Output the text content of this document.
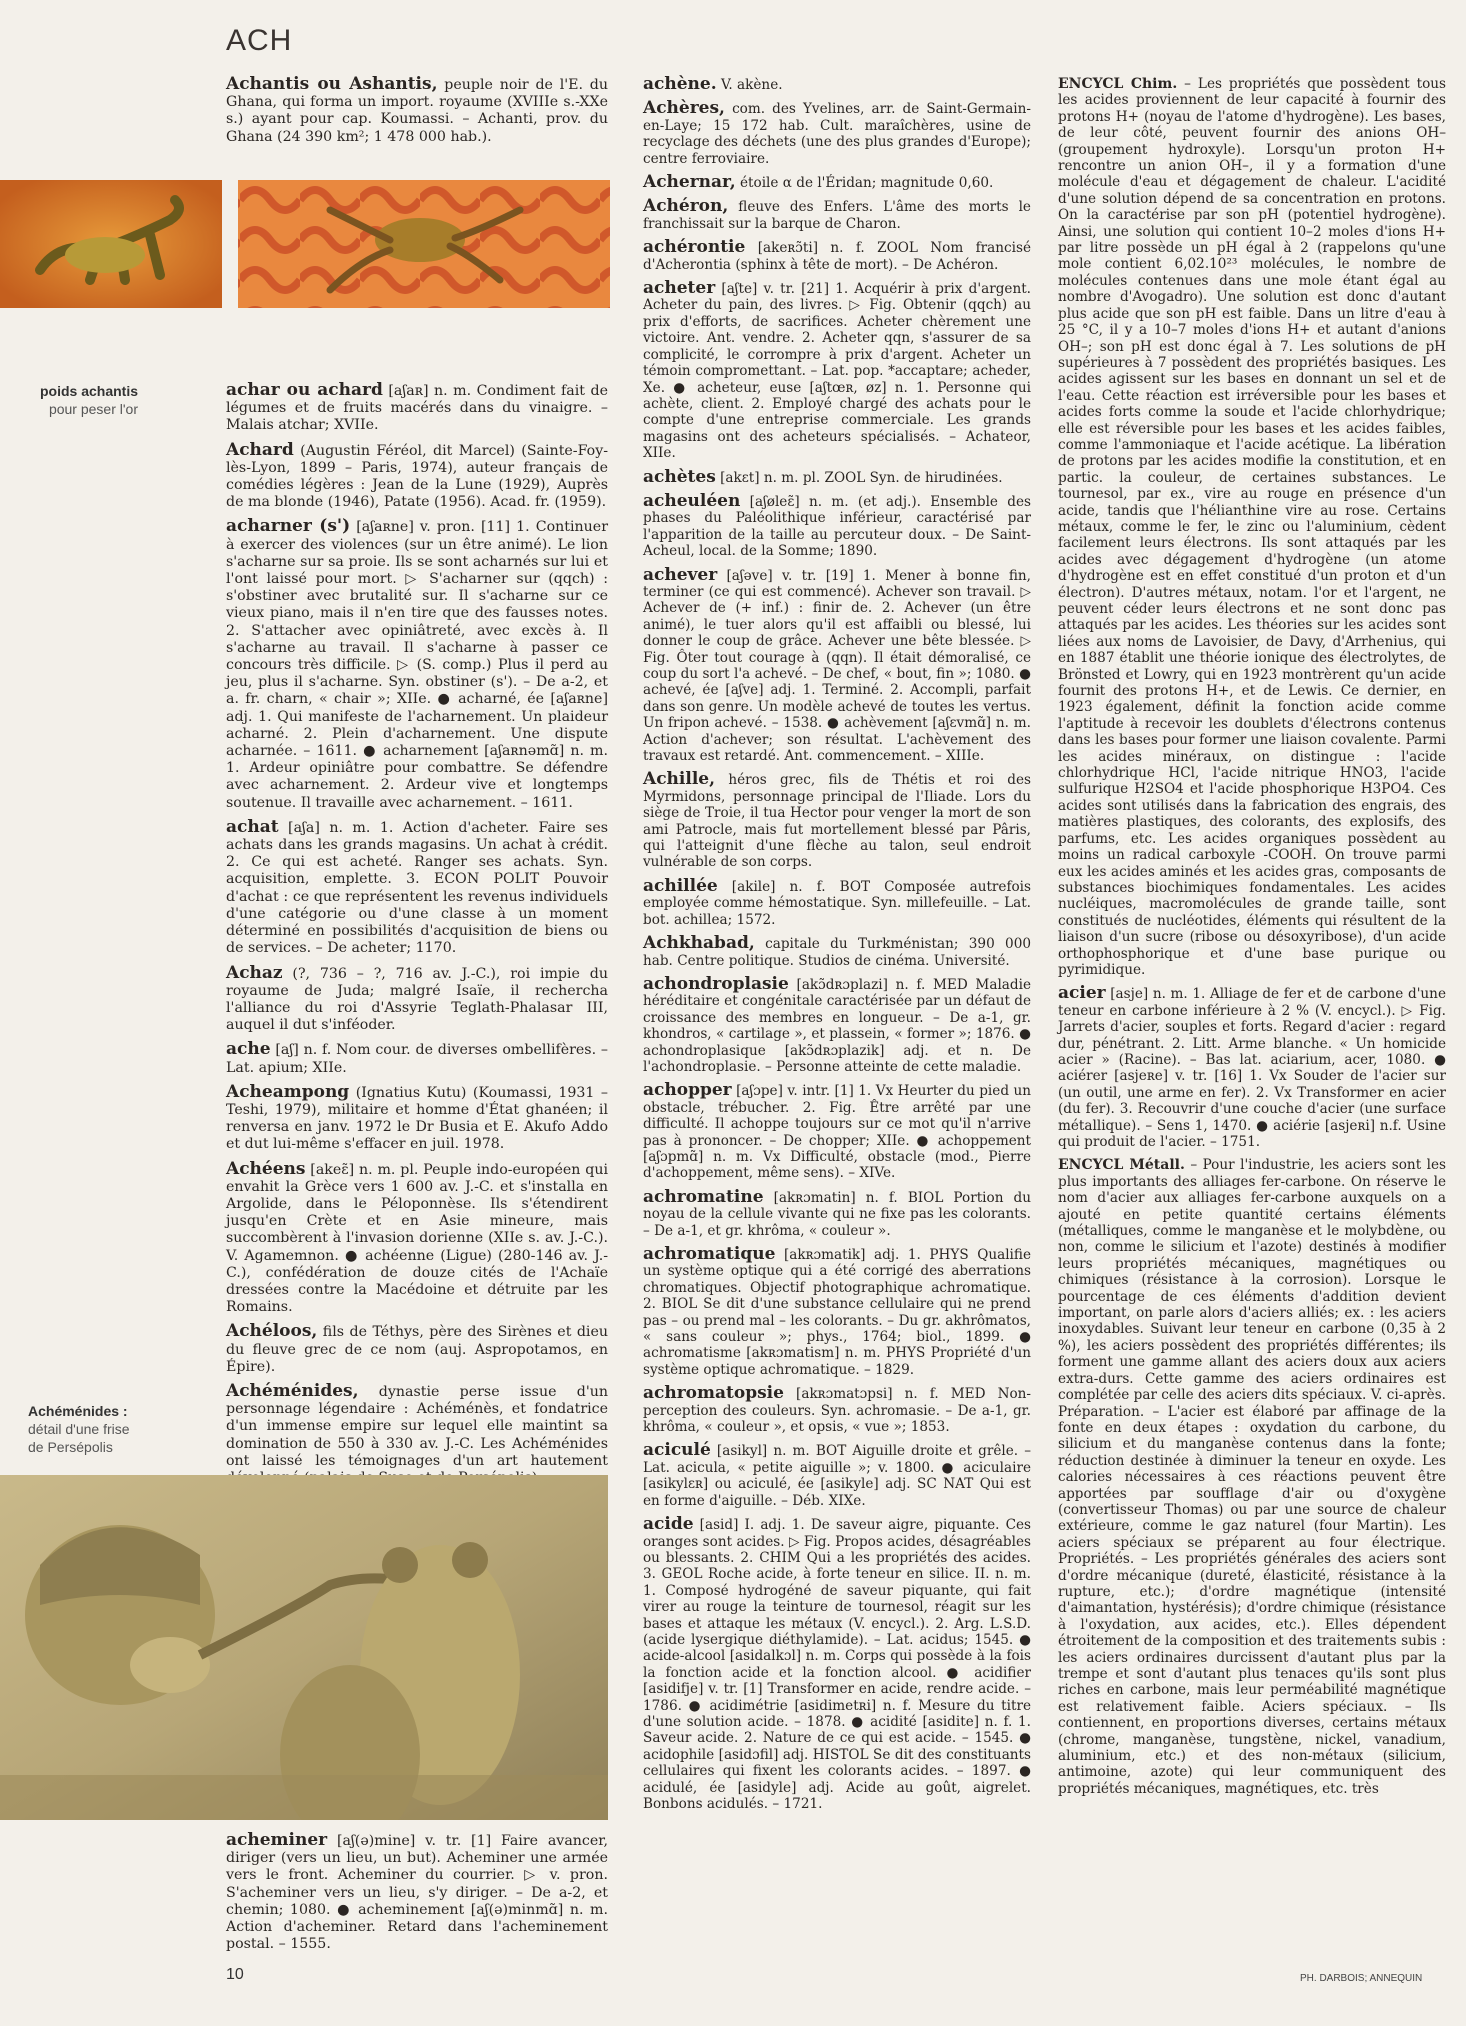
ACH
Achantis ou Ashantis, peuple noir de l'E. du Ghana, qui forma un import. royaume (XVIIIe s.-XXe s.) ayant pour cap. Koumassi. – Achanti, prov. du Ghana (24 390 km²; 1 478 000 hab.).
poids achantis
pour peser l'or
achar ou achard [aʃaʀ] n. m. Condiment fait de légumes et de fruits macérés dans du vinaigre. – Malais atchar; XVIIe.
Achard (Augustin Féréol, dit Marcel) (Sainte-Foy-lès-Lyon, 1899 – Paris, 1974), auteur français de comédies légères : Jean de la Lune (1929), Auprès de ma blonde (1946), Patate (1956). Acad. fr. (1959).
acharner (s') [aʃaʀne] v. pron. [11] 1. Continuer à exercer des violences (sur un être animé). Le lion s'acharne sur sa proie. Ils se sont acharnés sur lui et l'ont laissé pour mort. ▷ S'acharner sur (qqch) : s'obstiner avec brutalité sur. Il s'acharne sur ce vieux piano, mais il n'en tire que des fausses notes. 2. S'attacher avec opiniâtreté, avec excès à. Il s'acharne au travail. Il s'acharne à passer ce concours très difficile. ▷ (S. comp.) Plus il perd au jeu, plus il s'acharne. Syn. obstiner (s'). – De a-2, et a. fr. charn, « chair »; XIIe. ● acharné, ée [aʃaʀne] adj. 1. Qui manifeste de l'acharnement. Un plaideur acharné. 2. Plein d'acharnement. Une dispute acharnée. – 1611. ● acharnement [aʃaʀnəmɑ̃] n. m. 1. Ardeur opiniâtre pour combattre. Se défendre avec acharnement. 2. Ardeur vive et longtemps soutenue. Il travaille avec acharnement. – 1611.
achat [aʃa] n. m. 1. Action d'acheter. Faire ses achats dans les grands magasins. Un achat à crédit. 2. Ce qui est acheté. Ranger ses achats. Syn. acquisition, emplette. 3. ECON POLIT Pouvoir d'achat : ce que représentent les revenus individuels d'une catégorie ou d'une classe à un moment déterminé en possibilités d'acquisition de biens ou de services. – De acheter; 1170.
Achaz (?, 736 – ?, 716 av. J.-C.), roi impie du royaume de Juda; malgré Isaïe, il rechercha l'alliance du roi d'Assyrie Teglath-Phalasar III, auquel il dut s'inféoder.
ache [aʃ] n. f. Nom cour. de diverses ombellifères. – Lat. apium; XIIe.
Acheampong (Ignatius Kutu) (Koumassi, 1931 – Teshi, 1979), militaire et homme d'État ghanéen; il renversa en janv. 1972 le Dr Busia et E. Akufo Addo et dut lui-même s'effacer en juil. 1978.
Achéens [akeɛ̃] n. m. pl. Peuple indo-européen qui envahit la Grèce vers 1 600 av. J.-C. et s'installa en Argolide, dans le Péloponnèse. Ils s'étendirent jusqu'en Crète et en Asie mineure, mais succombèrent à l'invasion dorienne (XIIe s. av. J.-C.). V. Agamemnon. ● achéenne (Ligue) (280-146 av. J.-C.), confédération de douze cités de l'Achaïe dressées contre la Macédoine et détruite par les Romains.
Achéloos, fils de Téthys, père des Sirènes et dieu du fleuve grec de ce nom (auj. Aspropotamos, en Épire).
Achéménides, dynastie perse issue d'un personnage légendaire : Achéménès, et fondatrice d'un immense empire sur lequel elle maintint sa domination de 550 à 330 av. J.-C. Les Achéménides ont laissé les témoignages d'un art hautement
Achéménides :
détail d'une frise de Persépolis
acheminer [aʃ(ə)mine] v. tr. [1] Faire avancer, diriger (vers un lieu, un but). Acheminer une armée vers le front. Acheminer du courrier. ▷ v. pron. S'acheminer vers un lieu, s'y diriger. – De a-2, et chemin; 1080. ● acheminement [aʃ(ə)minmɑ̃] n. m. Action d'acheminer. Retard dans l'acheminement postal. – 1555.
achène. V. akène.
Achères, com. des Yvelines, arr. de Saint-Germain-en-Laye; 15 172 hab. Cult. maraîchères, usine de recyclage des déchets (une des plus grandes d'Europe); centre ferroviaire.
Achernar, étoile α de l'Éridan; magnitude 0,60.
Achéron, fleuve des Enfers. L'âme des morts le franchissait sur la barque de Charon.
achérontie [akeʀɔ̃ti] n. f. ZOOL Nom francisé d'Acherontia (sphinx à tête de mort). – De Achéron.
acheter [aʃte] v. tr. [21] 1. Acquérir à prix d'argent. Acheter du pain, des livres. ▷ Fig. Obtenir (qqch) au prix d'efforts, de sacrifices. Acheter chèrement une victoire. Ant. vendre. 2. Acheter qqn, s'assurer de sa complicité, le corrompre à prix d'argent. Acheter un témoin compromettant. – Lat. pop. *accaptare; acheder, Xe. ● acheteur, euse [aʃtœʀ, øz] n. 1. Personne qui achète, client. 2. Employé chargé des achats pour le compte d'une entreprise commerciale. Les grands magasins ont des acheteurs spécialisés. – Achateor, XIIe.
achètes [akɛt] n. m. pl. ZOOL Syn. de hirudinées.
acheuléen [aʃøleɛ̃] n. m. (et adj.). Ensemble des phases du Paléolithique inférieur, caractérisé par l'apparition de la taille au percuteur doux. – De Saint-Acheul, local. de la Somme; 1890.
achever [aʃəve] v. tr. [19] 1. Mener à bonne fin, terminer (ce qui est commencé). Achever son travail. ▷ Achever de (+ inf.) : finir de. 2. Achever (un être animé), le tuer alors qu'il est affaibli ou blessé, lui donner le coup de grâce. Achever une bête blessée. ▷ Fig. Ôter tout courage à (qqn). Il était démoralisé, ce coup du sort l'a achevé. – De chef, « bout, fin »; 1080. ● achevé, ée [aʃve] adj. 1. Terminé. 2. Accompli, parfait dans son genre. Un modèle achevé de toutes les vertus. Un fripon achevé. – 1538. ● achèvement [aʃɛvmɑ̃] n. m. Action d'achever; son résultat. L'achèvement des travaux est retardé. Ant. commencement. – XIIIe.
Achille, héros grec, fils de Thétis et roi des Myrmidons, personnage principal de l'Iliade. Lors du siège de Troie, il tua Hector pour venger la mort de son ami Patrocle, mais fut mortellement blessé par Pâris, qui l'atteignit d'une flèche au talon, seul endroit vulnérable de son corps.
achillée [akile] n. f. BOT Composée autrefois employée comme hémostatique. Syn. millefeuille. – Lat. bot. achillea; 1572.
Achkhabad, capitale du Turkménistan; 390 000 hab. Centre politique. Studios de cinéma. Université.
achondroplasie [akɔ̃dʀɔplazi] n. f. MED Maladie héréditaire et congénitale caractérisée par un défaut de croissance des membres en longueur. – De a-1, gr. khondros, « cartilage », et plassein, « former »; 1876. ● achondroplasique [akɔ̃dʀɔplazik] adj. et n. De l'achondroplasie. – Personne atteinte de cette maladie.
achopper [aʃɔpe] v. intr. [1] 1. Vx Heurter du pied un obstacle, trébucher. 2. Fig. Être arrêté par une difficulté. Il achoppe toujours sur ce mot qu'il n'arrive pas à prononcer. – De chopper; XIIe. ● achoppement [aʃɔpmɑ̃] n. m. Vx Difficulté, obstacle (mod., Pierre d'achoppement, même sens). – XIVe.
achromatine [akʀɔmatin] n. f. BIOL Portion du noyau de la cellule vivante qui ne fixe pas les colorants. – De a-1, et gr. khrôma, « couleur ».
achromatique [akʀɔmatik] adj. 1. PHYS Qualifie un système optique qui a été corrigé des aberrations chromatiques. Objectif photographique achromatique. 2. BIOL Se dit d'une substance cellulaire qui ne prend pas – ou prend mal – les colorants. – Du gr. akhrômatos, « sans couleur »; phys., 1764; biol., 1899. ● achromatisme [akʀɔmatism] n. m. PHYS Propriété d'un système optique achromatique. – 1829.
achromatopsie [akʀɔmatɔpsi] n. f. MED Non-perception des couleurs. Syn. achromasie. – De a-1, gr. khrôma, « couleur », et opsis, « vue »; 1853.
aciculé [asikyl] n. m. BOT Aiguille droite et grêle. – Lat. acicula, « petite aiguille »; v. 1800. ● aciculaire [asikylɛʀ] ou aciculé, ée [asikyle] adj. SC NAT Qui est en forme d'aiguille. – Déb. XIXe.
acide [asid] I. adj. 1. De saveur aigre, piquante. Ces oranges sont acides. ▷ Fig. Propos acides, désagréables ou blessants. 2. CHIM Qui a les propriétés des acides. 3. GEOL Roche acide, à forte teneur en silice. II. n. m. 1. Composé hydrogéné de saveur piquante, qui fait virer au rouge la teinture de tournesol, réagit sur les bases et attaque les métaux (V. encycl.). 2. Arg. L.S.D. (acide lysergique diéthylamide). – Lat. acidus; 1545. ● acide-alcool [asidalkɔl] n. m. Corps qui possède à la fois la fonction acide et la fonction alcool. ● acidifier [asidifje] v. tr. [1] Transformer en acide, rendre acide. – 1786. ● acidimétrie [asidimetʀi] n. f. Mesure du titre d'une solution acide. – 1878. ● acidité [asidite] n. f. 1. Saveur acide. 2. Nature de ce qui est acide. – 1545. ● acidophile [asidɔfil] adj. HISTOL Se dit des constituants cellulaires qui fixent les colorants acides. – 1897. ● acidulé, ée [asidyle] adj. Acide au goût, aigrelet. Bonbons acidulés. – 1721.
ENCYCL Chim. – Les propriétés que possèdent tous les acides proviennent de leur capacité à fournir des protons H+ (noyau de l'atome d'hydrogène). Les bases, de leur côté, peuvent fournir des anions OH– (groupement hydroxyle). Lorsqu'un proton H+ rencontre un anion OH–, il y a formation d'une molécule d'eau et dégagement de chaleur. L'acidité d'une solution dépend de sa concentration en protons. On la caractérise par son pH (potentiel hydrogène). Ainsi, une solution qui contient 10–2 moles d'ions H+ par litre possède un pH égal à 2 (rappelons qu'une mole contient 6,02.10²³ molécules, le nombre de molécules contenues dans une mole étant égal au nombre d'Avogadro). Une solution est donc d'autant plus acide que son pH est faible. Dans un litre d'eau à 25 °C, il y a 10–7 moles d'ions H+ et autant d'anions OH–; son pH est donc égal à 7. Les solutions de pH supérieures à 7 possèdent des propriétés basiques. Les acides agissent sur les bases en donnant un sel et de l'eau. Cette réaction est irréversible pour les bases et acides forts comme la soude et l'acide chlorhydrique; elle est réversible pour les bases et les acides faibles, comme l'ammoniaque et l'acide acétique. La libération de protons par les acides modifie la constitution, et en partic. la couleur, de certaines substances. Le tournesol, par ex., vire au rouge en présence d'un acide, tandis que l'hélianthine vire au rose. Certains métaux, comme le fer, le zinc ou l'aluminium, cèdent facilement leurs électrons. Ils sont attaqués par les acides avec dégagement d'hydrogène (un atome d'hydrogène est en effet constitué d'un proton et d'un électron). D'autres métaux, notam. l'or et l'argent, ne peuvent céder leurs électrons et ne sont donc pas attaqués par les acides. Les théories sur les acides sont liées aux noms de Lavoisier, de Davy, d'Arrhenius, qui en 1887 établit une théorie ionique des électrolytes, de Brönsted et Lowry, qui en 1923 montrèrent qu'un acide fournit des protons H+, et de Lewis. Ce dernier, en 1923 également, définit la fonction acide comme l'aptitude à recevoir les doublets d'électrons contenus dans les bases pour former une liaison covalente. Parmi les acides minéraux, on distingue : l'acide chlorhydrique HCl, l'acide nitrique HNO3, l'acide sulfurique H2SO4 et l'acide phosphorique H3PO4. Ces acides sont utilisés dans la fabrication des engrais, des matières plastiques, des colorants, des explosifs, des parfums, etc. Les acides organiques possèdent au moins un radical carboxyle -COOH. On trouve parmi eux les acides aminés et les acides gras, composants de substances biochimiques fondamentales. Les acides nucléiques, macromolécules de grande taille, sont constitués de nucléotides, éléments qui résultent de la liaison d'un sucre (ribose ou désoxyribose), d'un acide orthophosphorique et d'une base purique ou pyrimidique.
acier [asje] n. m. 1. Alliage de fer et de carbone d'une teneur en carbone inférieure à 2 % (V. encycl.). ▷ Fig. Jarrets d'acier, souples et forts. Regard d'acier : regard dur, pénétrant. 2. Litt. Arme blanche. « Un homicide acier » (Racine). – Bas lat. aciarium, acer, 1080. ● aciérer [asjeʀe] v. tr. [16] 1. Vx Souder de l'acier sur (un outil, une arme en fer). 2. Vx Transformer en acier (du fer). 3. Recouvrir d'une couche d'acier (une surface métallique). – Sens 1, 1470. ● aciérie [asjeʀi] n.f. Usine qui produit de l'acier. – 1751.
ENCYCL Métall. – Pour l'industrie, les aciers sont les plus importants des alliages fer-carbone. On réserve le nom d'acier aux alliages fer-carbone auxquels on a ajouté en petite quantité certains éléments (métalliques, comme le manganèse et le molybdène, ou non, comme le silicium et l'azote) destinés à modifier leurs propriétés mécaniques, magnétiques ou chimiques (résistance à la corrosion). Lorsque le pourcentage de ces éléments d'addition devient important, on parle alors d'aciers alliés; ex. : les aciers inoxydables. Suivant leur teneur en carbone (0,35 à 2 %), les aciers possèdent des propriétés différentes; ils forment une gamme allant des aciers doux aux aciers extra-durs. Cette gamme des aciers ordinaires est complétée par celle des aciers dits spéciaux. V. ci-après. Préparation. – L'acier est élaboré par affinage de la fonte en deux étapes : oxydation du carbone, du silicium et du manganèse contenus dans la fonte; réduction destinée à diminuer la teneur en oxyde. Les calories nécessaires à ces réactions peuvent être apportées par soufflage d'air ou d'oxygène (convertisseur Thomas) ou par une source de chaleur extérieure, comme le gaz naturel (four Martin). Les aciers spéciaux se préparent au four électrique. Propriétés. – Les propriétés générales des aciers sont d'ordre mécanique (dureté, élasticité, résistance à la rupture, etc.); d'ordre magnétique (intensité d'aimantation, hystérésis); d'ordre chimique (résistance à l'oxydation, aux acides, etc.). Elles dépendent étroitement de la composition et des traitements subis : les aciers ordinaires durcissent d'autant plus par la trempe et sont d'autant plus tenaces qu'ils sont plus riches en carbone, mais leur perméabilité magnétique est relativement faible. Aciers spéciaux. – Ils contiennent, en proportions diverses, certains métaux (chrome, manganèse, tungstène, nickel, vanadium, aluminium, etc.) et des non-métaux (silicium, antimoine, azote) qui leur communiquent des propriétés mécaniques, magnétiques, etc. très
10	PH. DARBOIS; ANNEQUIN
